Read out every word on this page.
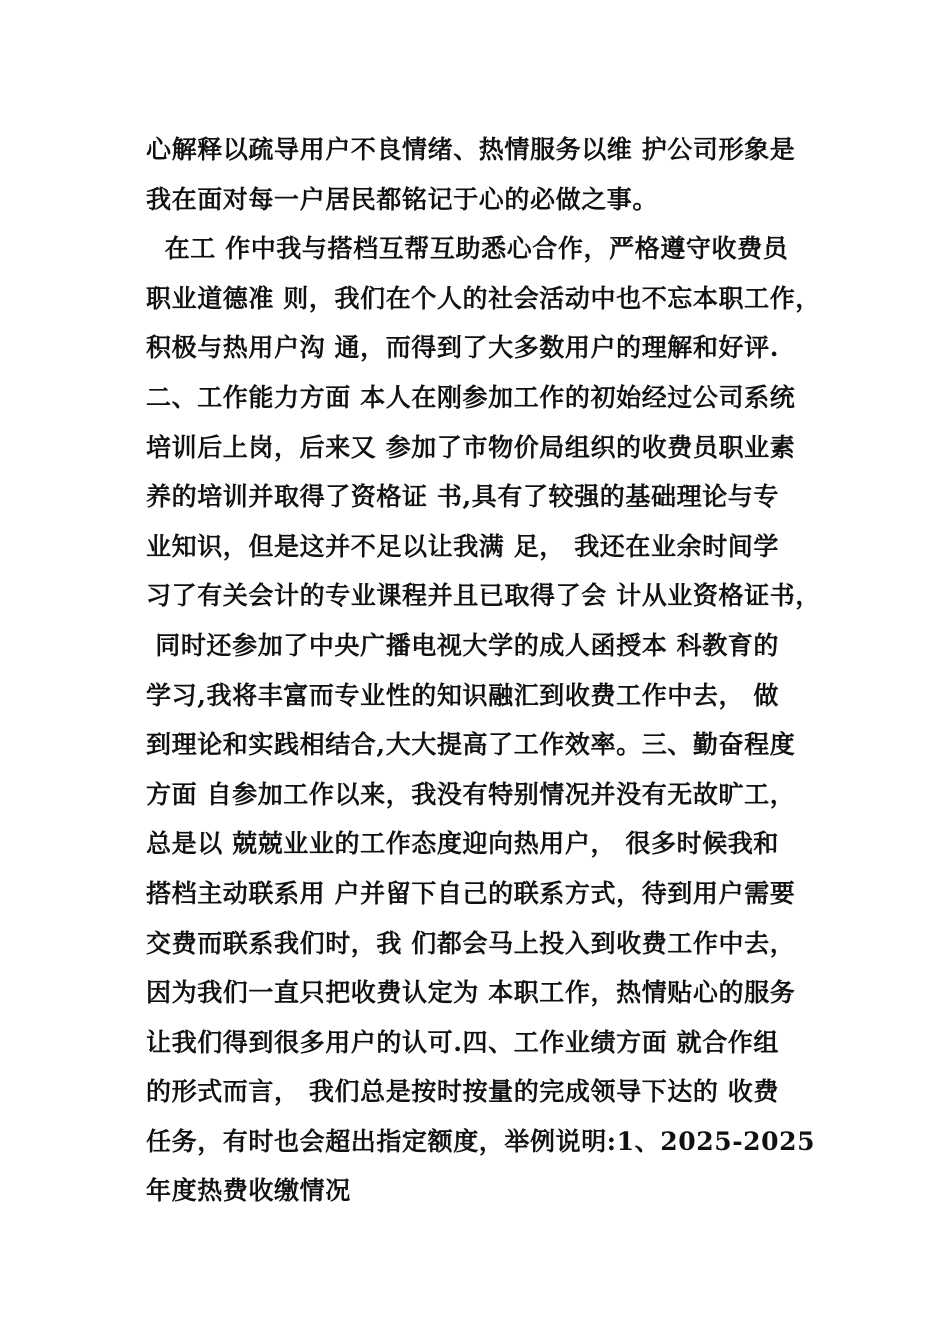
心解释以疏导用户不良情绪、热情服务以维 护公司形象是
我在面对每一户居民都铭记于心的必做之事。
在工 作中我与搭档互帮互助悉心合作，严格遵守收费员
职业道德准 则，我们在个人的社会活动中也不忘本职工作，
积极与热用户沟 通，而得到了大多数用户的理解和好评.
二、工作能力方面 本人在刚参加工作的初始经过公司系统
培训后上岗，后来又 参加了市物价局组织的收费员职业素
养的培训并取得了资格证 书,具有了较强的基础理论与专
业知识，但是这并不足以让我满 足， 我还在业余时间学
习了有关会计的专业课程并且已取得了会 计从业资格证书，
同时还参加了中央广播电视大学的成人函授本 科教育的
学习,我将丰富而专业性的知识融汇到收费工作中去， 做
到理论和实践相结合,大大提高了工作效率。三、勤奋程度
方面 自参加工作以来，我没有特别情况并没有无故旷工，
总是以 兢兢业业的工作态度迎向热用户， 很多时候我和
搭档主动联系用 户并留下自己的联系方式，待到用户需要
交费而联系我们时，我 们都会马上投入到收费工作中去，
因为我们一直只把收费认定为 本职工作，热情贴心的服务
让我们得到很多用户的认可.四、工作业绩方面 就合作组
的形式而言， 我们总是按时按量的完成领导下达的 收费
任务，有时也会超出指定额度，举例说明:1、2025-2025
年度热费收缴情况
